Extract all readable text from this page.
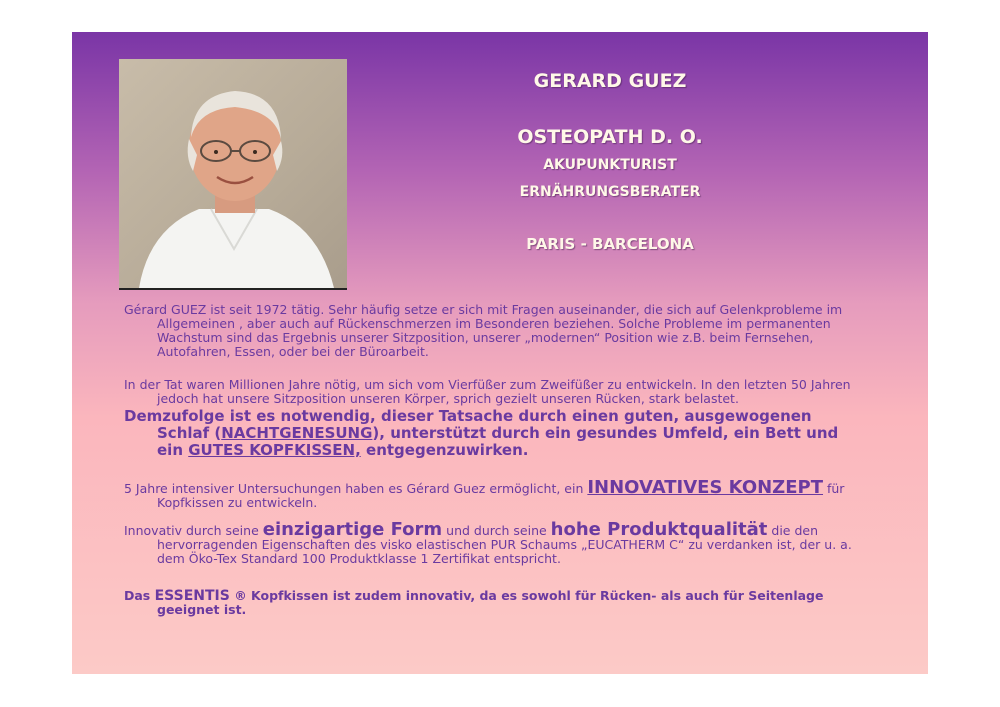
GERARD GUEZ
OSTEOPATH D. O.
AKUPUNKTURIST
ERNÄHRUNGSBERATER
PARIS - BARCELONA

Gérard GUEZ ist seit 1972 tätig. Sehr häufig setze er sich mit Fragen auseinander, die sich auf Gelenkprobleme im Allgemeinen , aber auch auf Rückenschmerzen im Besonderen beziehen. Solche Probleme im permanenten Wachstum sind das Ergebnis unserer Sitzposition, unserer „modernen“ Position wie z.B. beim Fernsehen, Autofahren, Essen, oder bei der Büroarbeit.

In der Tat waren Millionen Jahre nötig, um sich vom Vierfüßer zum Zweifüßer zu entwickeln. In den letzten 50 Jahren jedoch hat unsere Sitzposition unseren Körper, sprich gezielt unseren Rücken, stark belastet.

Demzufolge ist es notwendig, dieser Tatsache durch einen guten, ausgewogenen Schlaf (NACHTGENESUNG), unterstützt durch ein gesundes Umfeld, ein Bett und ein GUTES KOPFKISSEN, entgegenzuwirken.

5 Jahre intensiver Untersuchungen haben es Gérard Guez ermöglicht, ein INNOVATIVES KONZEPT für Kopfkissen zu entwickeln.

Innovativ durch seine einzigartige Form und durch seine hohe Produktqualität die den hervorragenden Eigenschaften des visko elastischen PUR Schaums „EUCATHERM C“ zu verdanken ist, der u. a. dem Öko-Tex Standard 100 Produktklasse 1 Zertifikat entspricht.

Das ESSENTIS ® Kopfkissen ist zudem innovativ, da es sowohl für Rücken- als auch für Seitenlage geeignet ist.
